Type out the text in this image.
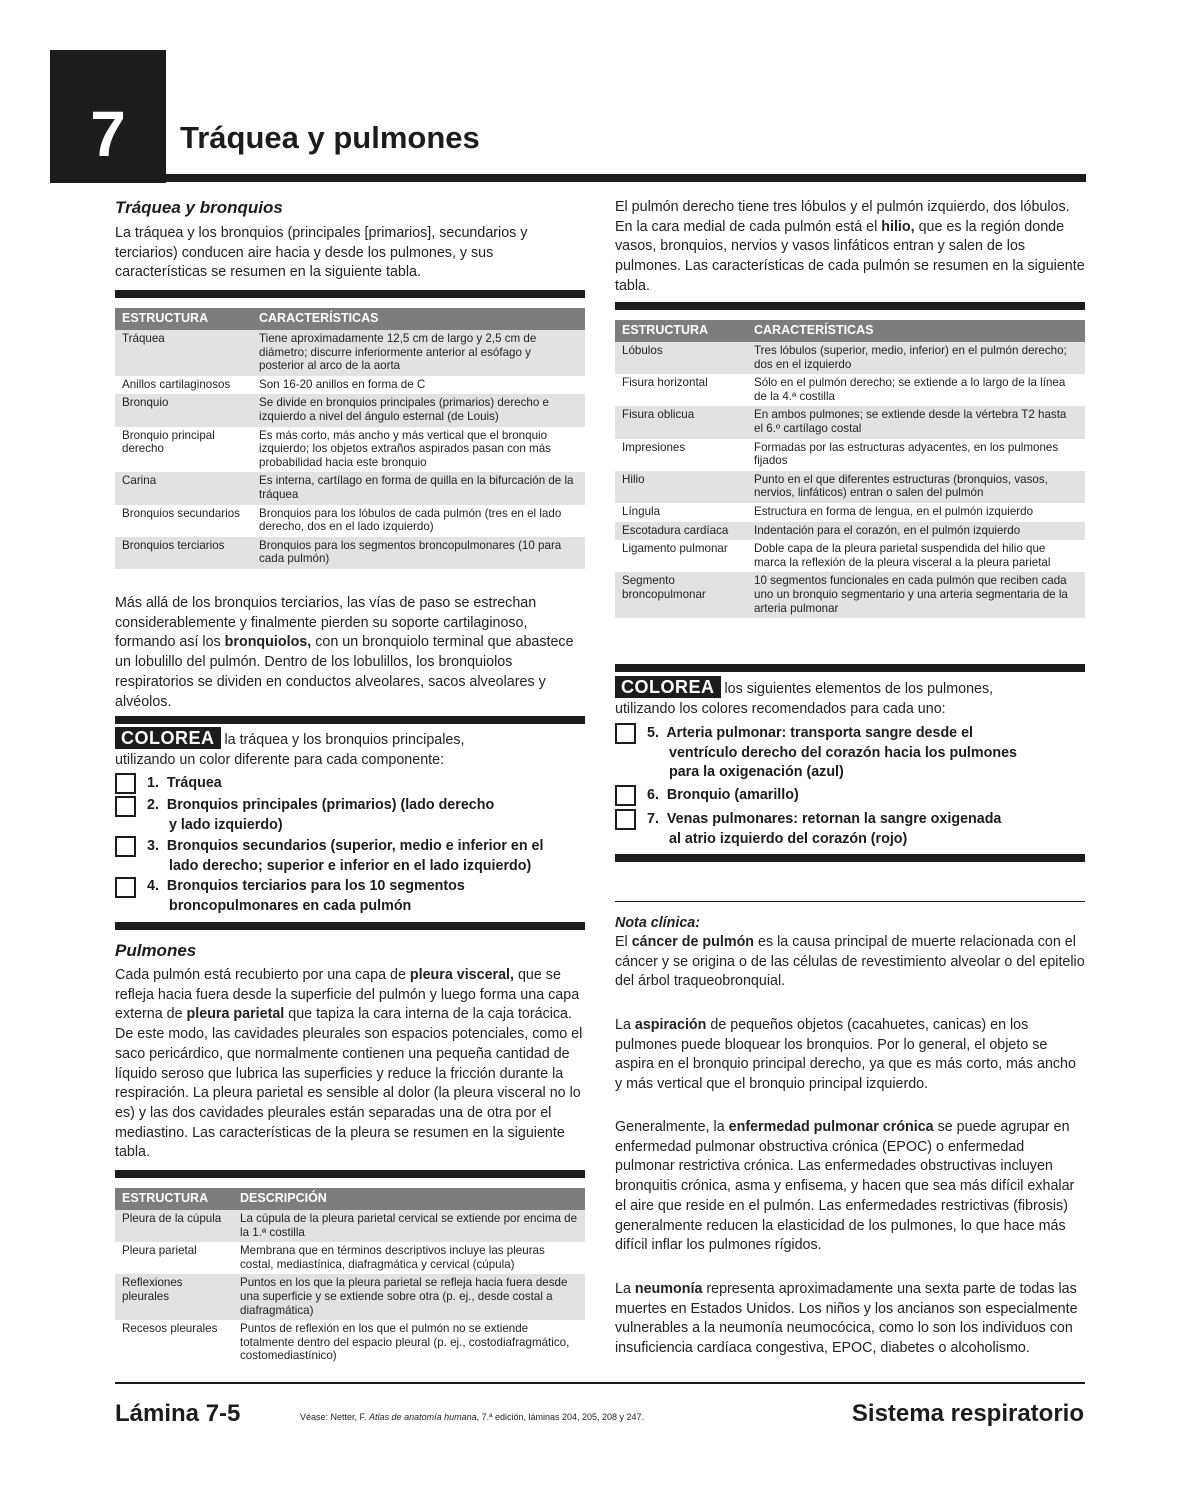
7	Tráquea y pulmones
Tráquea y bronquios
La tráquea y los bronquios (principales [primarios], secundarios y terciarios) conducen aire hacia y desde los pulmones, y sus características se resumen en la siguiente tabla.
ESTRUCTURA	CARACTERÍSTICAS
Tráquea	Tiene aproximadamente 12,5 cm de largo y 2,5 cm de diámetro; discurre inferiormente anterior al esófago y posterior al arco de la aorta
Anillos cartilaginosos	Son 16-20 anillos en forma de C
Bronquio	Se divide en bronquios principales (primarios) derecho e izquierdo a nivel del ángulo esternal (de Louis)
Bronquio principal derecho	Es más corto, más ancho y más vertical que el bronquio izquierdo; los objetos extraños aspirados pasan con más probabilidad hacia este bronquio
Carina	Es interna, cartílago en forma de quilla en la bifurcación de la tráquea
Bronquios secundarios	Bronquios para los lóbulos de cada pulmón (tres en el lado derecho, dos en el lado izquierdo)
Bronquios terciarios	Bronquios para los segmentos broncopulmonares (10 para cada pulmón)
Más allá de los bronquios terciarios, las vías de paso se estrechan considerablemente y finalmente pierden su soporte cartilaginoso, formando así los bronquiolos, con un bronquiolo terminal que abastece un lobulillo del pulmón. Dentro de los lobulillos, los bronquiolos respiratorios se dividen en conductos alveolares, sacos alveolares y alvéolos.
COLOREA la tráquea y los bronquios principales,
utilizando un color diferente para cada componente:
1. Tráquea
2. Bronquios principales (primarios) (lado derecho
y lado izquierdo)
3. Bronquios secundarios (superior, medio e inferior en el
lado derecho; superior e inferior en el lado izquierdo)
4. Bronquios terciarios para los 10 segmentos
broncopulmonares en cada pulmón
Pulmones
Cada pulmón está recubierto por una capa de pleura visceral, que se refleja hacia fuera desde la superficie del pulmón y luego forma una capa externa de pleura parietal que tapiza la cara interna de la caja torácica. De este modo, las cavidades pleurales son espacios potenciales, como el saco pericárdico, que normalmente contienen una pequeña cantidad de líquido seroso que lubrica las superficies y reduce la fricción durante la respiración. La pleura parietal es sensible al dolor (la pleura visceral no lo es) y las dos cavidades pleurales están separadas una de otra por el mediastino. Las características de la pleura se resumen en la siguiente tabla.
ESTRUCTURA	DESCRIPCIÓN
Pleura de la cúpula	La cúpula de la pleura parietal cervical se extiende por encima de la 1.ª costilla
Pleura parietal	Membrana que en términos descriptivos incluye las pleuras costal, mediastínica, diafragmática y cervical (cúpula)
Reflexiones pleurales	Puntos en los que la pleura parietal se refleja hacia fuera desde una superficie y se extiende sobre otra (p. ej., desde costal a diafragmática)
Recesos pleurales	Puntos de reflexión en los que el pulmón no se extiende totalmente dentro del espacio pleural (p. ej., costodiafragmático, costomediastínico)
El pulmón derecho tiene tres lóbulos y el pulmón izquierdo, dos lóbulos. En la cara medial de cada pulmón está el hilio, que es la región donde vasos, bronquios, nervios y vasos linfáticos entran y salen de los pulmones. Las características de cada pulmón se resumen en la siguiente tabla.
ESTRUCTURA	CARACTERÍSTICAS
Lóbulos	Tres lóbulos (superior, medio, inferior) en el pulmón derecho; dos en el izquierdo
Fisura horizontal	Sólo en el pulmón derecho; se extiende a lo largo de la línea de la 4.ª costilla
Fisura oblicua	En ambos pulmones; se extiende desde la vértebra T2 hasta el 6.º cartílago costal
Impresiones	Formadas por las estructuras adyacentes, en los pulmones fijados
Hilio	Punto en el que diferentes estructuras (bronquios, vasos, nervios, linfáticos) entran o salen del pulmón
Língula	Estructura en forma de lengua, en el pulmón izquierdo
Escotadura cardíaca	Indentación para el corazón, en el pulmón izquierdo
Ligamento pulmonar	Doble capa de la pleura parietal suspendida del hilio que marca la reflexión de la pleura visceral a la pleura parietal
Segmento broncopulmonar	10 segmentos funcionales en cada pulmón que reciben cada uno un bronquio segmentario y una arteria segmentaria de la arteria pulmonar
COLOREA los siguientes elementos de los pulmones,
utilizando los colores recomendados para cada uno:
5. Arteria pulmonar: transporta sangre desde el
ventrículo derecho del corazón hacia los pulmones
para la oxigenación (azul)
6. Bronquio (amarillo)
7. Venas pulmonares: retornan la sangre oxigenada
al atrio izquierdo del corazón (rojo)
Nota clínica:
El cáncer de pulmón es la causa principal de muerte relacionada con el cáncer y se origina o de las células de revestimiento alveolar o del epitelio del árbol traqueobronquial.
La aspiración de pequeños objetos (cacahuetes, canicas) en los pulmones puede bloquear los bronquios. Por lo general, el objeto se aspira en el bronquio principal derecho, ya que es más corto, más ancho y más vertical que el bronquio principal izquierdo.
Generalmente, la enfermedad pulmonar crónica se puede agrupar en enfermedad pulmonar obstructiva crónica (EPOC) o enfermedad pulmonar restrictiva crónica. Las enfermedades obstructivas incluyen bronquitis crónica, asma y enfisema, y hacen que sea más difícil exhalar el aire que reside en el pulmón. Las enfermedades restrictivas (fibrosis) generalmente reducen la elasticidad de los pulmones, lo que hace más difícil inflar los pulmones rígidos.
La neumonía representa aproximadamente una sexta parte de todas las muertes en Estados Unidos. Los niños y los ancianos son especialmente vulnerables a la neumonía neumocócica, como lo son los individuos con insuficiencia cardíaca congestiva, EPOC, diabetes o alcoholismo.
Lámina 7-5	Véase: Netter, F. Atlas de anatomía humana, 7.ª edición, láminas 204, 205, 208 y 247.	Sistema respiratorio
